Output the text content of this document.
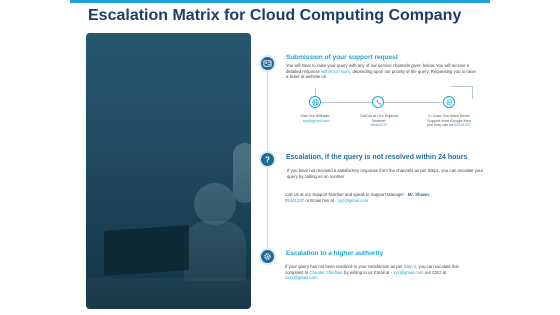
Escalation Matrix for Cloud Computing Company
Submission of your support request
You will have to raise your query with any of our service channels given below. You will receive a detailed response within 24 hours, depending upon our priority of the query. Requesting you to raise a ticket at website on
Visit Our Website
- xyz@gmail.com
Call Us at Our Support Number
55441237
In Case You Want Direct Support from Google then you may call on 55441237
? Escalation, if the query is not resolved within 24 hours
If you have not received a satisfactory response from the channels as per Step1, you can escalate your query by calling us on number
Call Us at our Support Number and speak to Support Manager - Mr. Shawn
55441237 or Email him at - xyz@gmail.com
Escalation to a higher authority
If your query has not been resolved to your satisfaction as per Step 2, you can escalate this complaint to Cheater Chieftain by writing to us Email at - xyz@gmail.com our CEO at xxxx@gmail.com
